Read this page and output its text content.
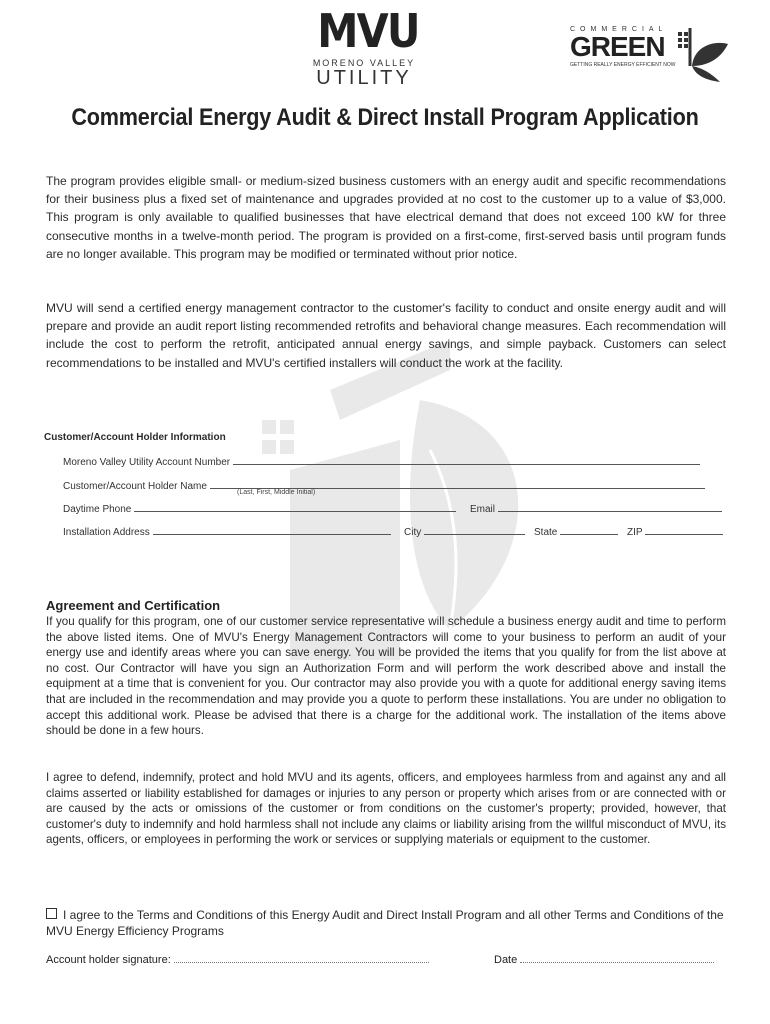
MVU
MORENO VALLEY
UTILITY
COMMERCIAL
GREEN
GETTING REALLY ENERGY EFFICIENT NOW
Commercial Energy Audit & Direct Install Program Application

The program provides eligible small- or medium-sized business customers with an energy audit and specific recommendations for their business plus a fixed set of maintenance and upgrades provided at no cost to the customer up to a value of $3,000. This program is only available to qualified businesses that have electrical demand that does not exceed 100 kW for three consecutive months in a twelve-month period. The program is provided on a first-come, first-served basis until program funds are no longer available. This program may be modified or terminated without prior notice.

MVU will send a certified energy management contractor to the customer's facility to conduct and onsite energy audit and will prepare and provide an audit report listing recommended retrofits and behavioral change measures. Each recommendation will include the cost to perform the retrofit, anticipated annual energy savings, and simple payback. Customers can select recommendations to be installed and MVU's certified installers will conduct the work at the facility.

Customer/Account Holder Information
Moreno Valley Utility Account Number
Customer/Account Holder Name
(Last, First, Middle Initial)
Daytime Phone	Email
Installation Address	City	State	ZIP
Agreement and Certification

If you qualify for this program, one of our customer service representative will schedule a business energy audit and time to perform the above listed items. One of MVU's Energy Management Contractors will come to your business to perform an audit of your energy use and identify areas where you can save energy. You will be provided the items that you qualify for from the list above at no cost. Our Contractor will have you sign an Authorization Form and will perform the work described above and install the equipment at a time that is convenient for you. Our contractor may also provide you with a quote for additional energy saving items that are included in the recommendation and may provide you a quote to perform these installations. You are under no obligation to accept this additional work. Please be advised that there is a charge for the additional work. The installation of the items above should be done in a few hours.

I agree to defend, indemnify, protect and hold MVU and its agents, officers, and employees harmless from and against any and all claims asserted or liability established for damages or injuries to any person or property which arises from or are connected with or are caused by the acts or omissions of the customer or from conditions on the customer's property; provided, however, that customer's duty to indemnify and hold harmless shall not include any claims or liability arising from the willful misconduct of MVU, its agents, officers, or employees in performing the work or services or supplying materials or equipment to the customer.

I agree to the Terms and Conditions of this Energy Audit and Direct Install Program and all other Terms and Conditions of the MVU Energy Efficiency Programs
Account holder signature:	Date
